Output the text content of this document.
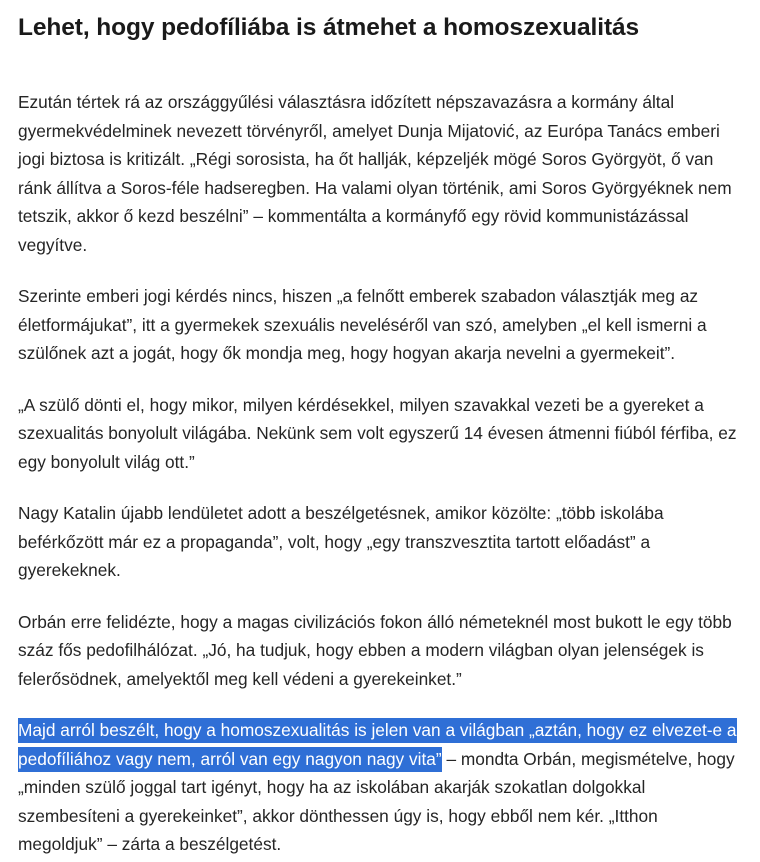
Lehet, hogy pedofíliába is átmehet a homoszexualitás

Ezután tértek rá az országgyűlési választásra időzített népszavazásra a kormány által gyermekvédelminek nevezett törvényről, amelyet Dunja Mijatović, az Európa Tanács emberi jogi biztosa is kritizált. „Régi sorosista, ha őt hallják, képzeljék mögé Soros Györgyöt, ő van ránk állítva a Soros-féle hadseregben. Ha valami olyan történik, ami Soros Györgyéknek nem tetszik, akkor ő kezd beszélni” – kommentálta a kormányfő egy rövid kommunistázással vegyítve.

Szerinte emberi jogi kérdés nincs, hiszen „a felnőtt emberek szabadon választják meg az életformájukat”, itt a gyermekek szexuális neveléséről van szó, amelyben „el kell ismerni a szülőnek azt a jogát, hogy ők mondja meg, hogy hogyan akarja nevelni a gyermekeit”.

„A szülő dönti el, hogy mikor, milyen kérdésekkel, milyen szavakkal vezeti be a gyereket a szexualitás bonyolult világába. Nekünk sem volt egyszerű 14 évesen átmenni fiúból férfiba, ez egy bonyolult világ ott.”

Nagy Katalin újabb lendületet adott a beszélgetésnek, amikor közölte: „több iskolába beférkőzött már ez a propaganda”, volt, hogy „egy transzvesztita tartott előadást” a gyerekeknek.

Orbán erre felidézte, hogy a magas civilizációs fokon álló németeknél most bukott le egy több száz fős pedofilhálózat. „Jó, ha tudjuk, hogy ebben a modern világban olyan jelenségek is felerősödnek, amelyektől meg kell védeni a gyerekeinket.”

Majd arról beszélt, hogy a homoszexualitás is jelen van a világban „aztán, hogy ez elvezet-e a pedofíliához vagy nem, arról van egy nagyon nagy vita” – mondta Orbán, megismételve, hogy „minden szülő joggal tart igényt, hogy ha az iskolában akarják szokatlan dolgokkal szembesíteni a gyerekeinket”, akkor dönthessen úgy is, hogy ebből nem kér. „Itthon megoldjuk” – zárta a beszélgetést.
